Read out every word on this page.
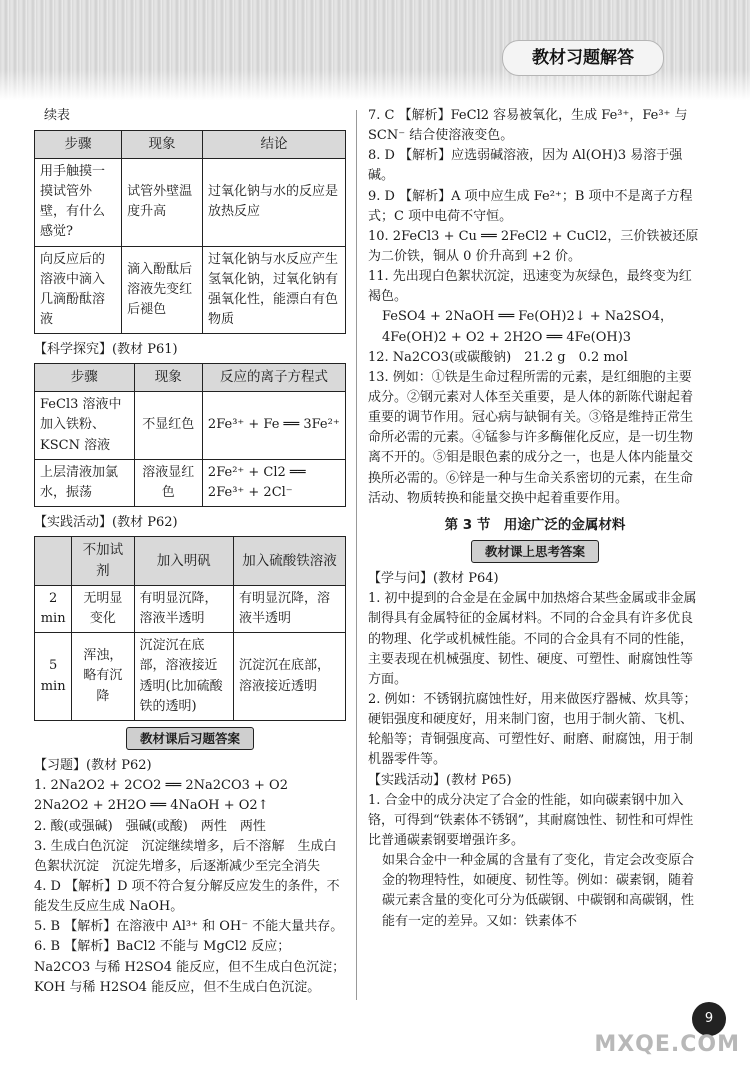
教材习题解答

续表

步骤	现象	结论
用手触摸一摸试管外壁，有什么感觉?	试管外壁温度升高	过氧化钠与水的反应是放热反应
向反应后的溶液中滴入几滴酚酞溶液	滴入酚酞后溶液先变红后褪色	过氧化钠与水反应产生氢氧化钠，过氧化钠有强氧化性，能漂白有色物质

【科学探究】(教材 P61)

步骤	现象	反应的离子方程式
FeCl3 溶液中加入铁粉、KSCN 溶液	不显红色	2Fe³⁺ + Fe ══ 3Fe²⁺
上层清液加氯水，振荡	溶液显红色	2Fe²⁺ + Cl2 ══ 2Fe³⁺ + 2Cl⁻

【实践活动】(教材 P62)

	不加试剂	加入明矾	加入硫酸铁溶液
2 min	无明显变化	有明显沉降，溶液半透明	有明显沉降，溶液半透明
5 min	浑浊，略有沉降	沉淀沉在底部，溶液接近透明(比加硫酸铁的透明)	沉淀沉在底部，溶液接近透明
教材课后习题答案

【习题】(教材 P62)

1. 2Na2O2 + 2CO2 ══ 2Na2CO3 + O2　2Na2O2 + 2H2O ══ 4NaOH + O2↑

2. 酸(或强碱)　强碱(或酸)　两性　两性

3. 生成白色沉淀　沉淀继续增多，后不溶解　生成白色絮状沉淀　沉淀先增多，后逐渐减少至完全消失

4. D 【解析】D 项不符合复分解反应发生的条件，不能发生反应生成 NaOH。

5. B 【解析】在溶液中 Al³⁺ 和 OH⁻ 不能大量共存。

6. B 【解析】BaCl2 不能与 MgCl2 反应；Na2CO3 与稀 H2SO4 能反应，但不生成白色沉淀；KOH 与稀 H2SO4 能反应，但不生成白色沉淀。

7. C 【解析】FeCl2 容易被氧化，生成 Fe³⁺，Fe³⁺ 与 SCN⁻ 结合使溶液变色。

8. D 【解析】应选弱碱溶液，因为 Al(OH)3 易溶于强碱。

9. D 【解析】A 项中应生成 Fe²⁺；B 项中不是离子方程式；C 项中电荷不守恒。

10. 2FeCl3 + Cu ══ 2FeCl2 + CuCl2，三价铁被还原为二价铁，铜从 0 价升高到 +2 价。

11. 先出现白色絮状沉淀，迅速变为灰绿色，最终变为红褐色。

FeSO4 + 2NaOH ══ Fe(OH)2↓ + Na2SO4，

4Fe(OH)2 + O2 + 2H2O ══ 4Fe(OH)3

12. Na2CO3(或碳酸钠)　21.2 g　0.2 mol

13. 例如：①铁是生命过程所需的元素，是红细胞的主要成分。②钢元素对人体至关重要，是人体的新陈代谢起着重要的调节作用。冠心病与缺铜有关。③铬是维持正常生命所必需的元素。④锰参与许多酶催化反应，是一切生物离不开的。⑤钼是眼色素的成分之一，也是人体内能量交换所必需的。⑥锌是一种与生命关系密切的元素，在生命活动、物质转换和能量交换中起着重要作用。

第 3 节　用途广泛的金属材料
教材课上思考答案

【学与问】(教材 P64)

1. 初中提到的合金是在金属中加热熔合某些金属或非金属制得具有金属特征的金属材料。不同的合金具有许多优良的物理、化学或机械性能。不同的合金具有不同的性能，主要表现在机械强度、韧性、硬度、可塑性、耐腐蚀性等方面。

2. 例如：不锈钢抗腐蚀性好，用来做医疗器械、炊具等；硬铝强度和硬度好，用来制门窗，也用于制火箭、飞机、轮船等；青铜强度高、可塑性好、耐磨、耐腐蚀，用于制机器零件等。

【实践活动】(教材 P65)

1. 合金中的成分决定了合金的性能，如向碳素钢中加入铬，可得到“铁素体不锈钢”，其耐腐蚀性、韧性和可焊性比普通碳素钢要增强许多。

如果合金中一种金属的含量有了变化，肯定会改变原合金的物理特性，如硬度、韧性等。例如：碳素钢，随着碳元素含量的变化可分为低碳钢、中碳钢和高碳钢，性能有一定的差异。又如：铁素体不

9
MXQE.COM
